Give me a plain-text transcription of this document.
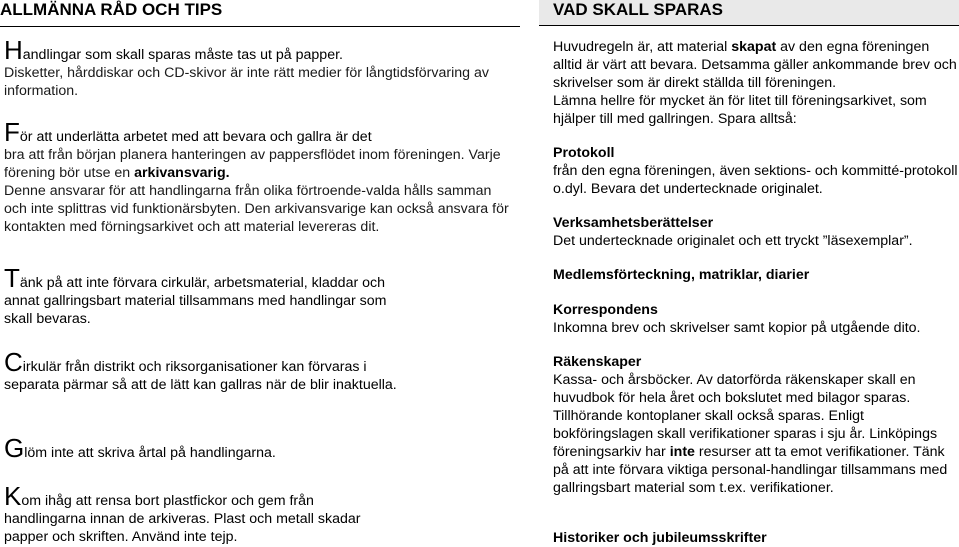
ALLMÄNNA RÅD OCH TIPS

Handlingar som skall sparas måste tas ut på papper.
Disketter, hårddiskar och CD-skivor är inte rätt medier för långtidsförvaring av information.

För att underlätta arbetet med att bevara och gallra är det
bra att från början planera hanteringen av pappersflödet inom föreningen. Varje förening bör utse en arkivansvarig.
Denne ansvarar för att handlingarna från olika förtroende-valda hålls samman och inte splittras vid funktionärsbyten. Den arkivansvarige kan också ansvara för kontakten med förningsarkivet och att material levereras dit.

Tänk på att inte förvara cirkulär, arbetsmaterial, kladdar och annat gallringsbart material tillsammans med handlingar som skall bevaras.

Cirkulär från distrikt och riksorganisationer kan förvaras i separata pärmar så att de lätt kan gallras när de blir inaktuella.

Glöm inte att skriva årtal på handlingarna.

Kom ihåg att rensa bort plastfickor och gem från handlingarna innan de arkiveras. Plast och metall skadar papper och skriften. Använd inte tejp.

VAD SKALL SPARAS

Huvudregeln är, att material skapat av den egna föreningen alltid är värt att bevara. Detsamma gäller ankommande brev och skrivelser som är direkt ställda till föreningen.

Lämna hellre för mycket än för litet till föreningsarkivet, som hjälper till med gallringen. Spara alltså:

Protokoll
från den egna föreningen, även sektions- och kommitté-protokoll o.dyl. Bevara det undertecknade originalet.

Verksamhetsberättelser
Det undertecknade originalet och ett tryckt ”läsexemplar”.

Medlemsförteckning, matriklar, diarier

Korrespondens
Inkomna brev och skrivelser samt kopior på utgående dito.

Räkenskaper
Kassa- och årsböcker. Av datorförda räkenskaper skall en huvudbok för hela året och bokslutet med bilagor sparas. Tillhörande kontoplaner skall också sparas. Enligt bokföringslagen skall verifikationer sparas i sju år. Linköpings föreningsarkiv har inte resurser att ta emot verifikationer. Tänk på att inte förvara viktiga personal-handlingar tillsammans med gallringsbart material som t.ex. verifikationer.

Historiker och jubileumsskrifter
